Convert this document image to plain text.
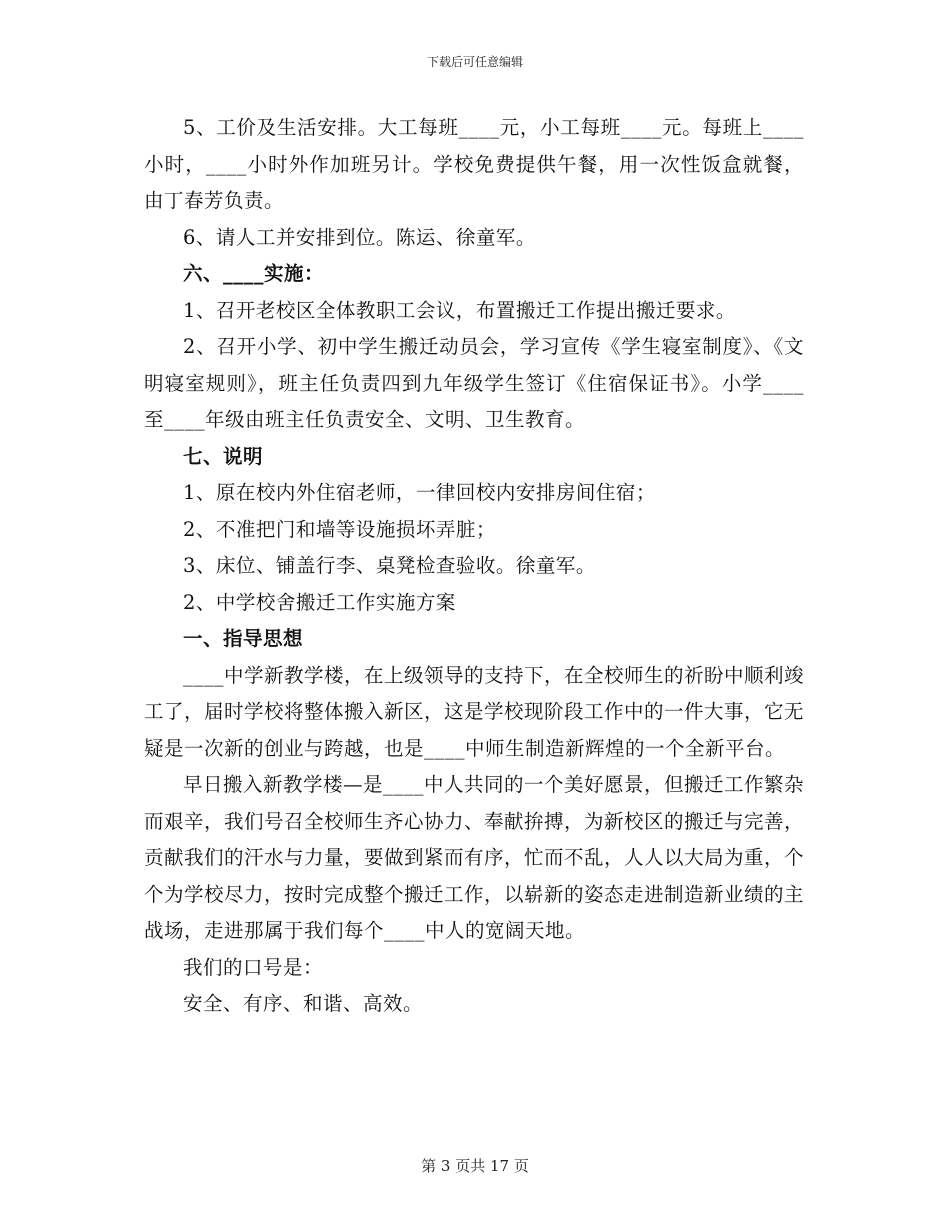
下载后可任意编辑

5、工价及生活安排。大工每班____元，小工每班____元。每班上____小时，____小时外作加班另计。学校免费提供午餐，用一次性饭盒就餐，由丁春芳负责。

6、请人工并安排到位。陈运、徐童军。

六、____实施：

1、召开老校区全体教职工会议，布置搬迁工作提出搬迁要求。

2、召开小学、初中学生搬迁动员会，学习宣传《学生寝室制度》、《文明寝室规则》，班主任负责四到九年级学生签订《住宿保证书》。小学____至____年级由班主任负责安全、文明、卫生教育。

七、说明

1、原在校内外住宿老师，一律回校内安排房间住宿；

2、不准把门和墙等设施损坏弄脏；

3、床位、铺盖行李、桌凳检查验收。徐童军。

2、中学校舍搬迁工作实施方案

一、指导思想

____中学新教学楼，在上级领导的支持下，在全校师生的祈盼中顺利竣工了，届时学校将整体搬入新区，这是学校现阶段工作中的一件大事，它无疑是一次新的创业与跨越，也是____中师生制造新辉煌的一个全新平台。

早日搬入新教学楼—是____中人共同的一个美好愿景，但搬迁工作繁杂而艰辛，我们号召全校师生齐心协力、奉献拚搏，为新校区的搬迁与完善，贡献我们的汗水与力量，要做到紧而有序，忙而不乱，人人以大局为重，个个为学校尽力，按时完成整个搬迁工作，以崭新的姿态走进制造新业绩的主战场，走进那属于我们每个____中人的宽阔天地。

我们的口号是：

安全、有序、和谐、高效。

第 3 页共 17 页
